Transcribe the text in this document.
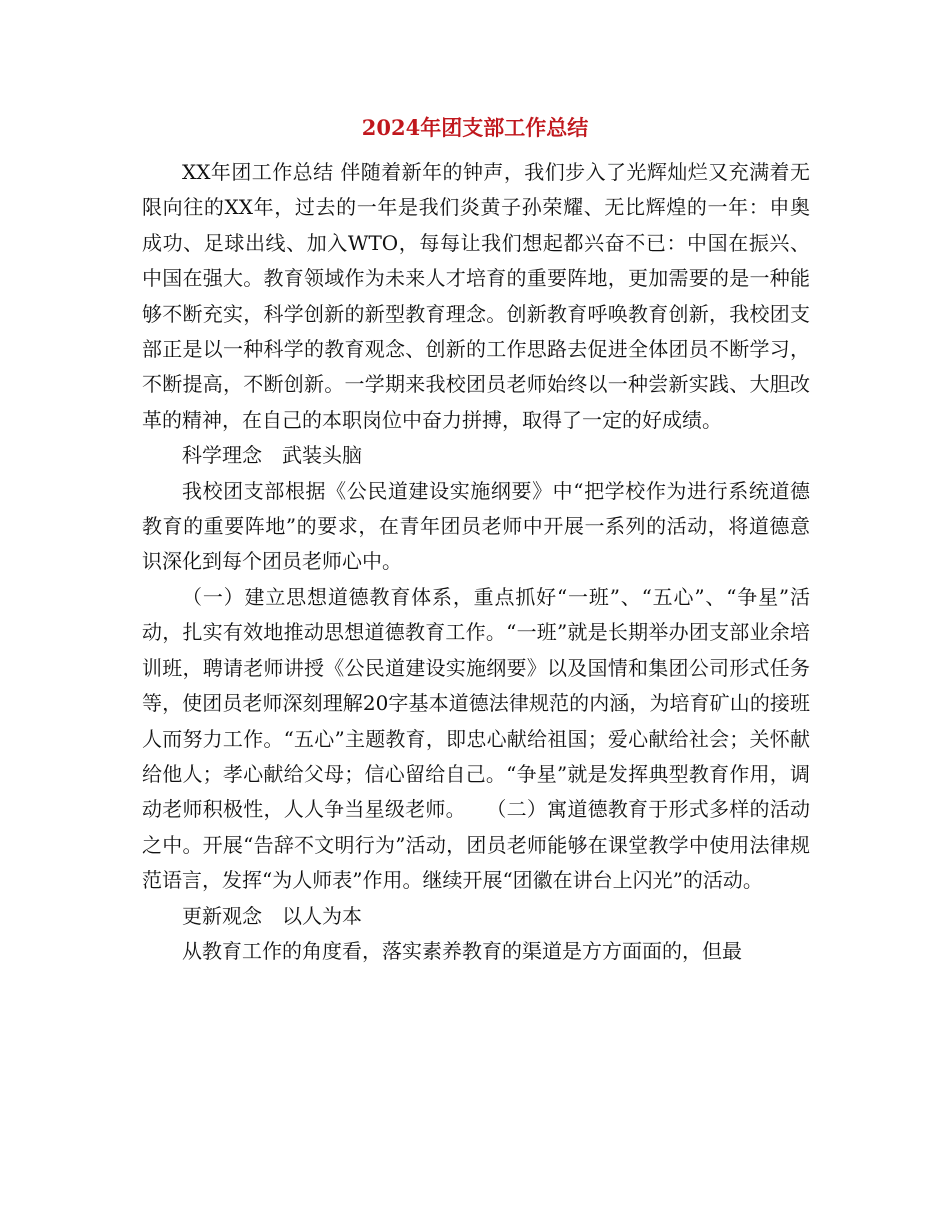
2024年团支部工作总结

XX年团工作总结 伴随着新年的钟声，我们步入了光辉灿烂又充满着无限向往的XX年，过去的一年是我们炎黄子孙荣耀、无比辉煌的一年：申奥成功、足球出线、加入WTO，每每让我们想起都兴奋不已：中国在振兴、中国在强大。教育领域作为未来人才培育的重要阵地，更加需要的是一种能够不断充实，科学创新的新型教育理念。创新教育呼唤教育创新，我校团支部正是以一种科学的教育观念、创新的工作思路去促进全体团员不断学习，不断提高，不断创新。一学期来我校团员老师始终以一种尝新实践、大胆改革的精神，在自己的本职岗位中奋力拼搏，取得了一定的好成绩。

科学理念　武装头脑

我校团支部根据《公民道建设实施纲要》中“把学校作为进行系统道德教育的重要阵地”的要求，在青年团员老师中开展一系列的活动，将道德意识深化到每个团员老师心中。

（一）建立思想道德教育体系，重点抓好“一班”、“五心”、“争星”活动，扎实有效地推动思想道德教育工作。“一班”就是长期举办团支部业余培训班，聘请老师讲授《公民道建设实施纲要》以及国情和集团公司形式任务等，使团员老师深刻理解20字基本道德法律规范的内涵，为培育矿山的接班人而努力工作。“五心”主题教育，即忠心献给祖国；爱心献给社会；关怀献给他人；孝心献给父母；信心留给自己。“争星”就是发挥典型教育作用，调动老师积极性，人人争当星级老师。　　（二）寓道德教育于形式多样的活动之中。开展“告辞不文明行为”活动，团员老师能够在课堂教学中使用法律规范语言，发挥“为人师表”作用。继续开展“团徽在讲台上闪光”的活动。

更新观念　以人为本

从教育工作的角度看，落实素养教育的渠道是方方面面的，但最
